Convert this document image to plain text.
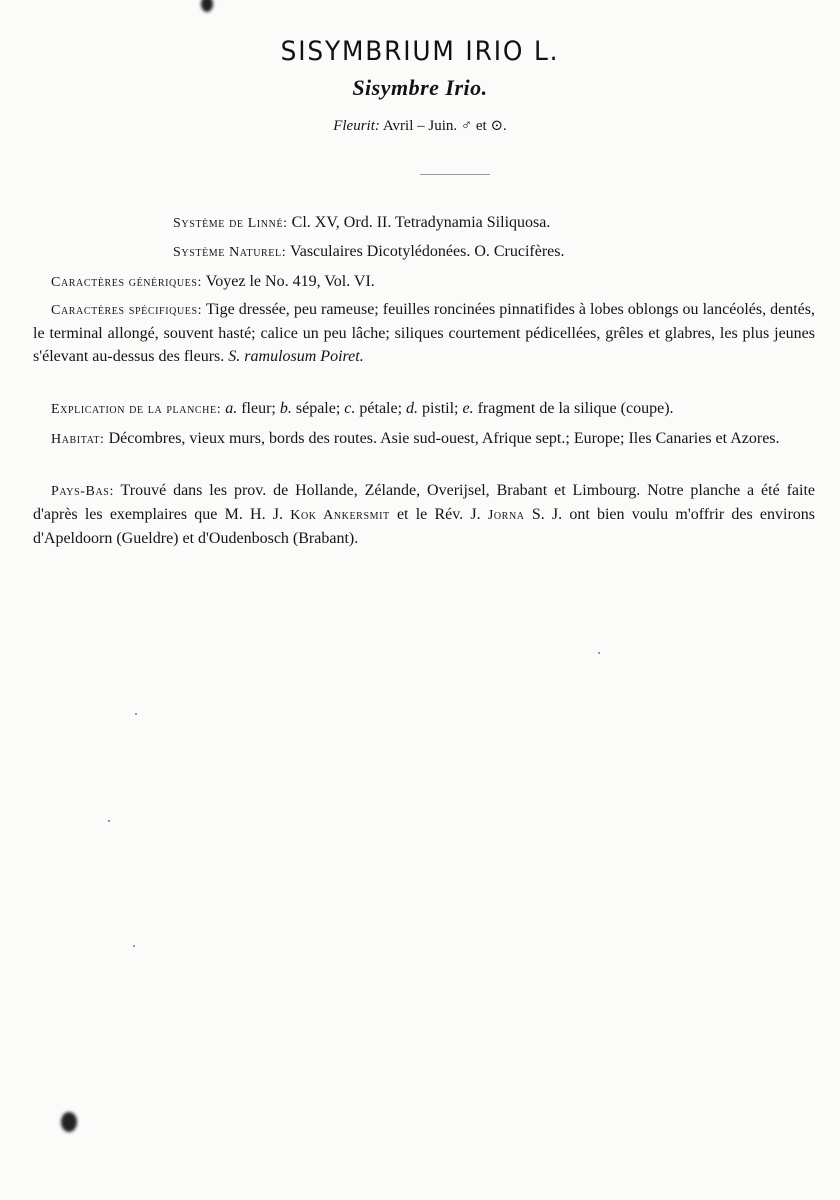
SISYMBRIUM IRIO L.
Sisymbre Irio.
Fleurit: Avril – Juin. ♂ et ⊙.
Système de Linné: Cl. XV, Ord. II. Tetradynamia Siliquosa.
Système Naturel: Vasculaires Dicotylédonées. O. Crucifères.
Caractères génériques: Voyez le No. 419, Vol. VI.
Caractères spécifiques: Tige dressée, peu rameuse; feuilles roncinées pinnatifides à lobes oblongs ou lancéolés, dentés, le terminal allongé, souvent hasté; calice un peu lâche; siliques courtement pédicellées, grêles et glabres, les plus jeunes s'élevant au-dessus des fleurs. S. ramulosum Poiret.
Explication de la planche: a. fleur; b. sépale; c. pétale; d. pistil; e. fragment de la silique (coupe).
Habitat: Décombres, vieux murs, bords des routes. Asie sud-ouest, Afrique sept.; Europe; Iles Canaries et Azores.
Pays-Bas: Trouvé dans les prov. de Hollande, Zélande, Overijsel, Brabant et Limbourg. Notre planche a été faite d'après les exemplaires que M. H. J. Kok Ankersmit et le Rév. J. Jorna S. J. ont bien voulu m'offrir des environs d'Apeldoorn (Gueldre) et d'Oudenbosch (Brabant).
